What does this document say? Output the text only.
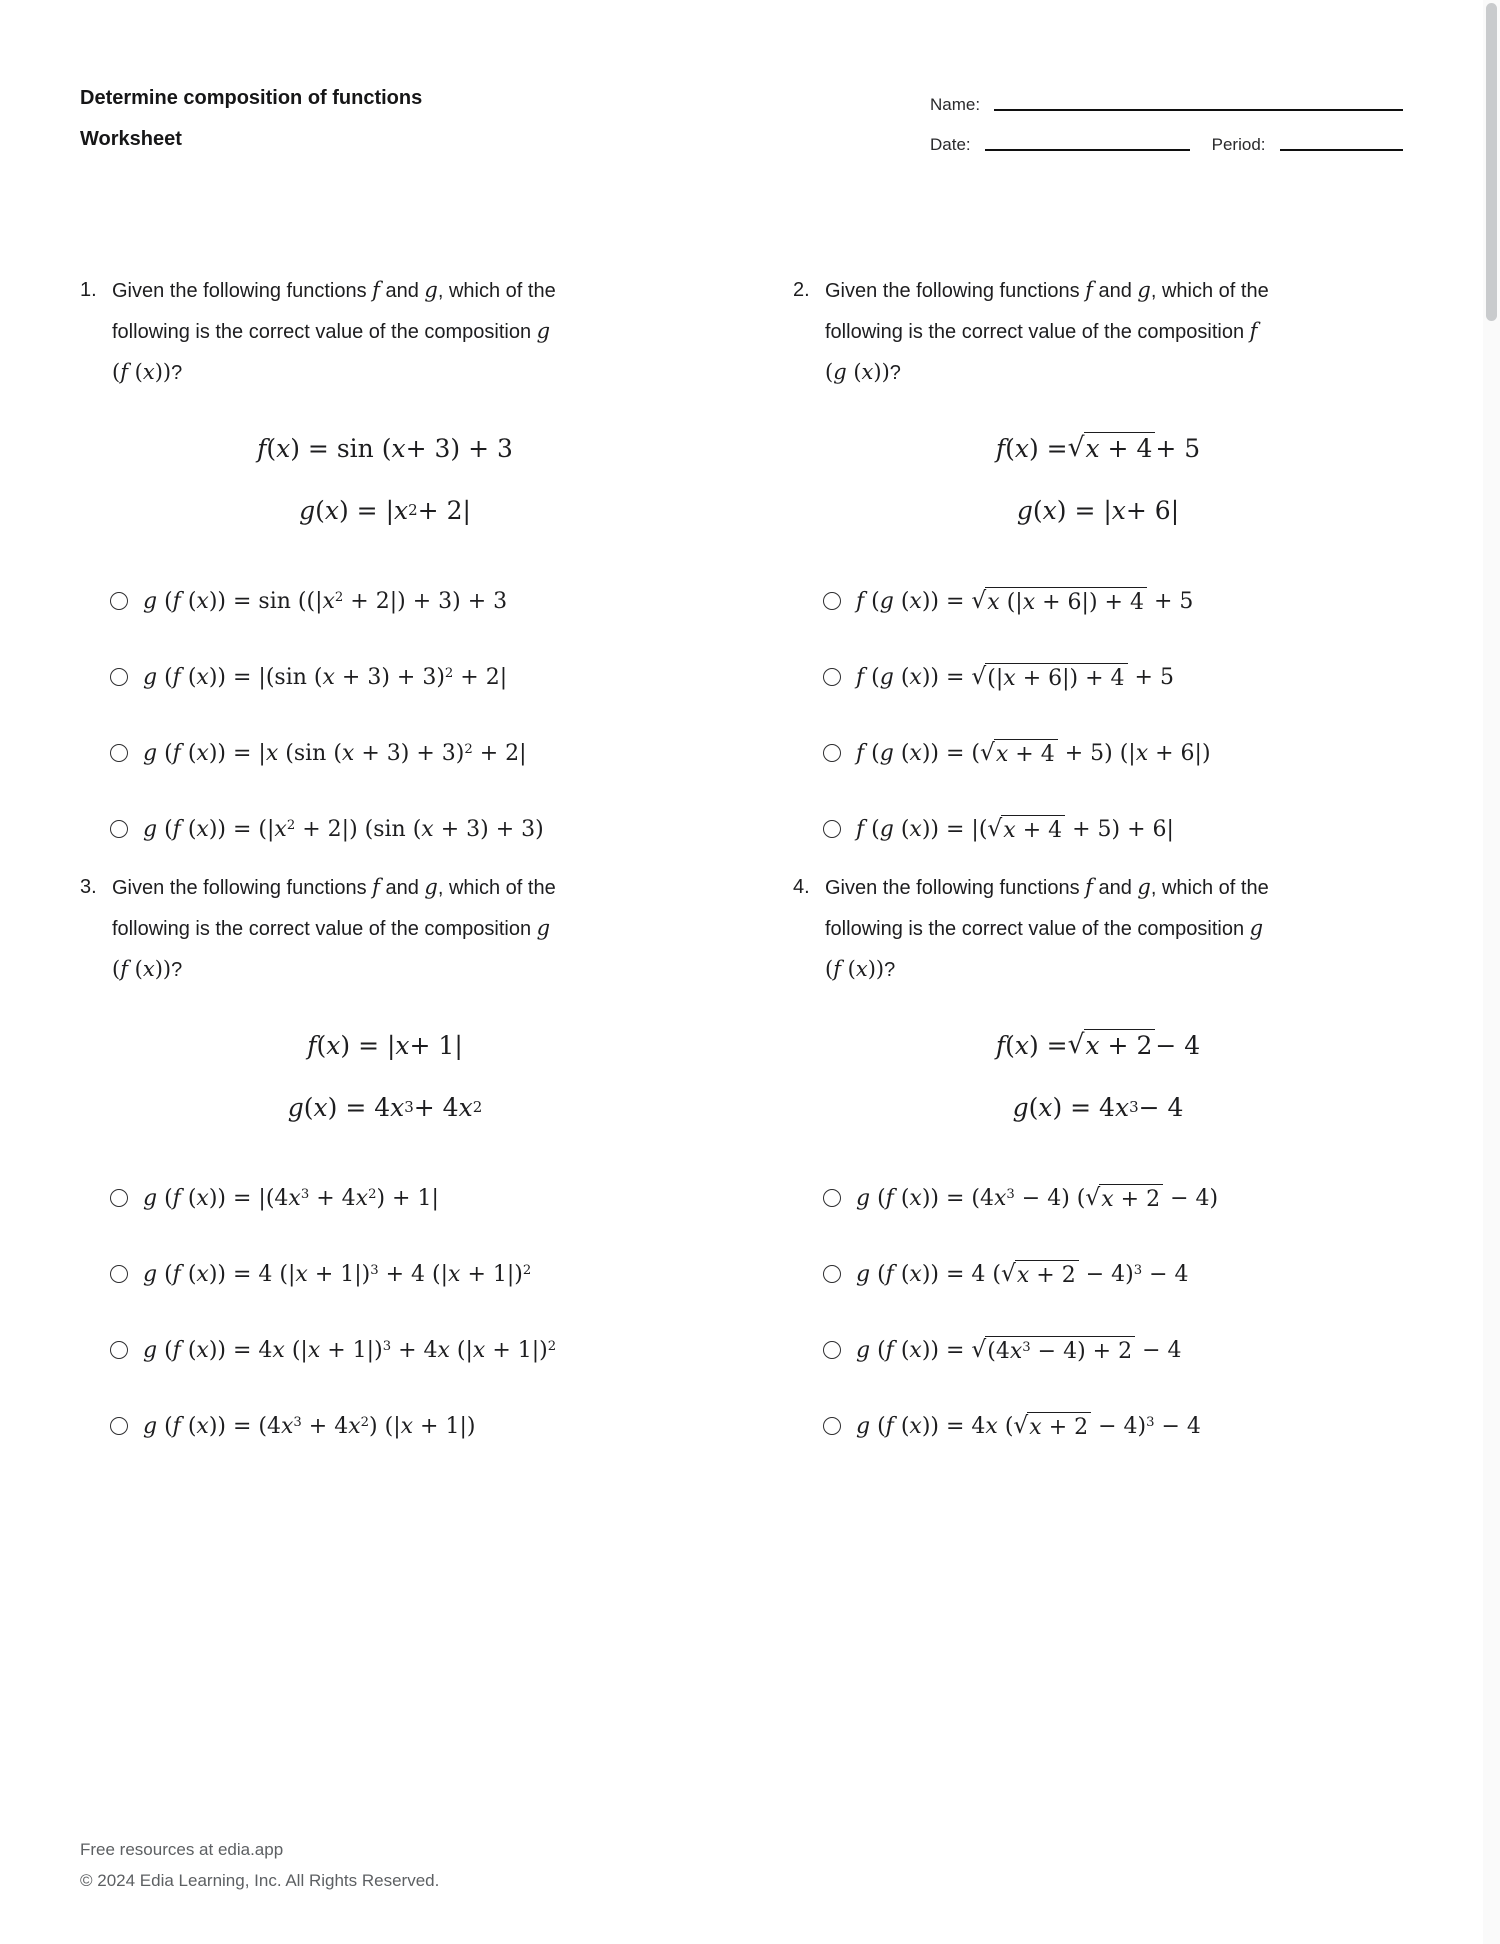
Determine composition of functions
Worksheet
Name:
Date:	Period:
1. Given the following functions f and g, which of the following is the correct value of the composition g (f (x))?

f ( x ) = sin ( x + 3) + 3
g ( x ) = | x 2 + 2|
g (f $(x)) = \sin ((|x^2 + 2|) + 3) + 3$
g (f (x)) = |(sin (x + 3) + 3)$^2$ + 2|
g (f (x)) = |x (sin (x + 3) + 3)$^2$ + 2|
g (f $(x)) = (|x^2 + 2|)$ (sin (x + 3) + 3)
2. Given the following functions f and g, which of the following is the correct value of the composition f (g (x))?

f ( x ) = √x + 4 + 5
g ( x ) = | x + 6|
f (g (x)) = √x (|x + 6|) + 4 + 5
f (g (x)) = √(|x + 6|) + 4 + 5
f (g (x)) = (√x + 4 + 5) (|x + 6|)
f (g (x)) = |(√x + 4 + 5) + 6|
3. Given the following functions f and g, which of the following is the correct value of the composition g (f (x))?

f ( x ) = | x + 1|
g ( x ) = 4 x 3 + 4 x 2
g (f $(x)) = |(4x^3 + 4x^2) + 1|$
g (f (x)) = 4 $(|x + 1|)^3 + 4$ $(|x + 1|)^2$
g (f (x)) = 4x $(|x + 1|)^3 + 4x$ $(|x + 1|)^2$
g (f $(x)) = (4x^3 + 4x^2) (|x + 1|)$
4. Given the following functions f and g, which of the following is the correct value of the composition g (f (x))?

f ( x ) = √x + 2 − 4
g ( x ) = 4 x 3 − 4
g (f $(x)) = (4x^3 - 4) (√x + 2 - 4)$
g (f (x)) = 4 $(√x + 2 - 4)^3 - 4$
g (f $(x)) = √(4x^3 - 4) + 2 - 4$
g (f (x)) = 4x $(√x + 2 - 4)^3 - 4$
Free resources at edia.app
© 2024 Edia Learning, Inc. All Rights Reserved.
